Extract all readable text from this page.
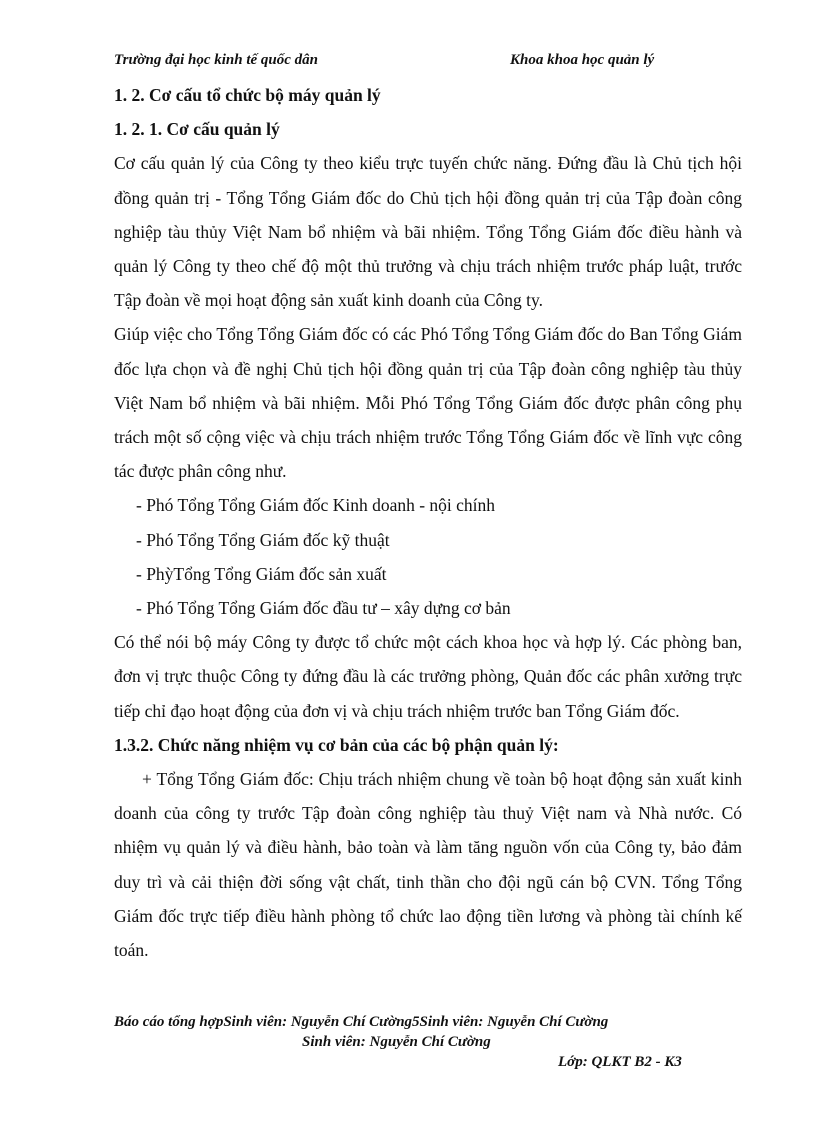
Trường đại học kinh tế quốc dân	Khoa khoa học quản lý

1. 2. Cơ cấu tổ chức bộ máy quản lý

1. 2. 1. Cơ cấu quản lý

Cơ cấu quản lý của Công ty theo kiểu trực tuyến chức năng. Đứng đầu là Chủ tịch hội đồng quản trị - Tổng Tổng Giám đốc do Chủ tịch hội đồng quản trị của Tập đoàn công nghiệp tàu thủy Việt Nam bổ nhiệm và bãi nhiệm. Tổng Tổng Giám đốc điều hành và quản lý Công ty theo chế độ một thủ trưởng và chịu trách nhiệm trước pháp luật, trước Tập đoàn về mọi hoạt động sản xuất kinh doanh của Công ty.

Giúp việc cho Tổng Tổng Giám đốc có các Phó Tổng Tổng Giám đốc do Ban Tổng Giám đốc lựa chọn và đề nghị Chủ tịch hội đồng quản trị của Tập đoàn công nghiệp tàu thủy Việt Nam bổ nhiệm và bãi nhiệm. Mỗi Phó Tổng Tổng Giám đốc được phân công phụ trách một số cộng việc và chịu trách nhiệm trước Tổng Tổng Giám đốc về lĩnh vực công tác được phân công như.

- Phó Tổng Tổng Giám đốc Kinh doanh - nội chính

- Phó Tổng Tổng Giám đốc kỹ thuật

- PhỳTổng Tổng Giám đốc sản xuất

- Phó Tổng Tổng Giám đốc đầu tư – xây dựng cơ bản

Có thể nói bộ máy Công ty được tổ chức một cách khoa học và hợp lý. Các phòng ban, đơn vị trực thuộc Công ty đứng đầu là các trưởng phòng, Quản đốc các phân xưởng trực tiếp chỉ đạo hoạt động của đơn vị và chịu trách nhiệm trước ban Tổng Giám đốc.

1.3.2. Chức năng nhiệm vụ cơ bản của các bộ phận quản lý:

+ Tổng Tổng Giám đốc: Chịu trách nhiệm chung về toàn bộ hoạt động sản xuất kinh doanh của công ty trước Tập đoàn công nghiệp tàu thuỷ Việt nam và Nhà nước. Có nhiệm vụ quản lý và điều hành, bảo toàn và làm tăng nguồn vốn của Công ty, bảo đảm duy trì và cải thiện đời sống vật chất, tinh thần cho đội ngũ cán bộ CVN. Tổng Tổng Giám đốc trực tiếp điều hành phòng tổ chức lao động tiền lương và phòng tài chính kế toán.

Báo cáo tổng hợpSinh viên: Nguyễn Chí Cường5Sinh viên: Nguyễn Chí Cường
Sinh viên: Nguyễn Chí Cường
Lớp: QLKT B2 - K3
